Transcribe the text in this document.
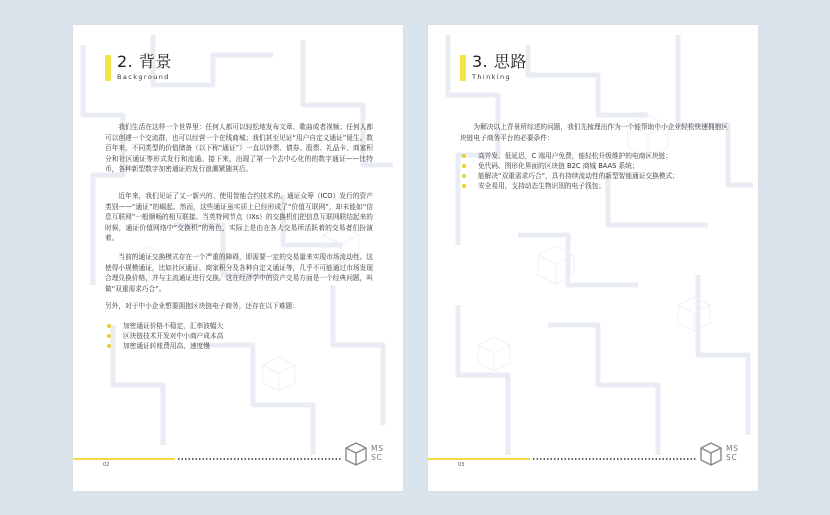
2. 背景
Background

我们生活在这样一个世界里：任何人都可以轻松地发布文章、歌曲或者视频；任何人都可以创建一个交流群，也可以经营一个在线商城；我们甚至见证“用户自定义通证”诞生。数百年来，不同类型的价值储备（以下称“通证”）一直以钞票、债券、股票、礼品卡、商家积分和社区通证等形式发行和流通。接下来，出现了第一个去中心化的的数字通证——比特币，各种新型数字加密通证的发行浪潮紧随其后。

近年来，我们见证了又一新兴的、使用智能合约技术的、通证众筹（ICO）发行的资产类别——“通证”的崛起。然而，这些通证虽实质上已经形成了“价值互联网”，却未能如“信息互联网”一般顺畅的相互联接。当英特网节点（IXs）的交换机们把信息互联网联结起来的时候，通证价值网络中“交换机”的角色，实际上是由在各大交易所活跃着的交易者们扮演着。

当前的通证交换模式存在一个严重的障碍，即需要一定的交易量来实现市场流动性。这使得小规模通证，比如社区通证、商家积分及各种自定义通证等，几乎不可能通过市场发现合理兑换价格，并与主流通证进行交换。这在经济学中的资产交易方面是一个经典问题，叫做“双重需求巧合”。

另外，对于中小企业想要拥抱区块链电子商务，还存在以下难题：

加密通证价格不稳定，汇率波幅大
区块链技术开发对中小商户成本高
加密通证转账费用高、速度慢
02
MS
SC
3. 思路
Thinking

为解决以上背景所综述的问题，我们先梳理出作为一个能帮助中小企业轻松快速拥抱区块链电子商务平台的必要条件：

高并发、低延迟，C 端用户免费，能轻松升级维护的电商区块链；
免代码、图形化界面的区块链 B2C 商城 BAAS 系统；
能解决“双重需求巧合”，具有持续流动性的新型智能通证交换模式；
安全易用，支持动态生物识别的电子钱包；
03
MS
SC
